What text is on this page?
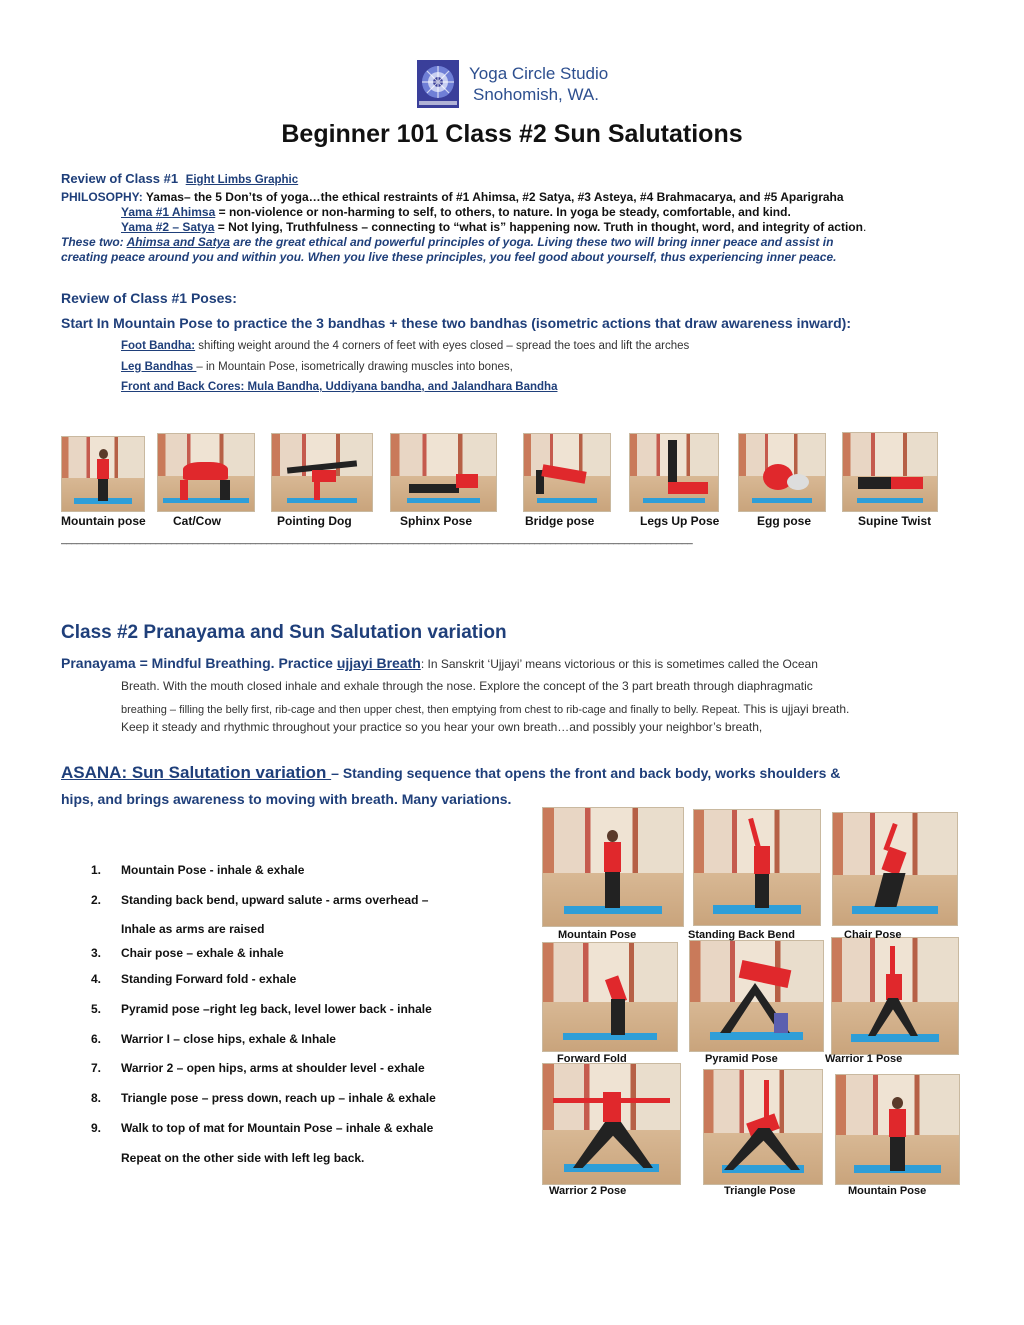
Yoga Circle Studio
Snohomish, WA.
Beginner 101 Class #2 Sun Salutations
Review of Class #1 Eight Limbs Graphic
PHILOSOPHY: Yamas– the 5 Don’ts of yoga…the ethical restraints of #1 Ahimsa, #2 Satya, #3 Asteya, #4 Brahmacarya, and #5 Aparigraha
Yama #1 Ahimsa = non-violence or non-harming to self, to others, to nature. In yoga be steady, comfortable, and kind.
Yama #2 – Satya = Not lying, Truthfulness – connecting to “what is” happening now. Truth in thought, word, and integrity of action.
These two: Ahimsa and Satya are the great ethical and powerful principles of yoga. Living these two will bring inner peace and assist in
creating peace around you and within you. When you live these principles, you feel good about yourself, thus experiencing inner peace.
Review of Class #1 Poses:
Start In Mountain Pose to practice the 3 bandhas + these two bandhas (isometric actions that draw awareness inward):
Foot Bandha: shifting weight around the 4 corners of feet with eyes closed – spread the toes and lift the arches
Leg Bandhas – in Mountain Pose, isometrically drawing muscles into bones,
Front and Back Cores: Mula Bandha, Uddiyana bandha, and Jalandhara Bandha
Mountain pose Cat/Cow	Pointing Dog	Sphinx Pose	Bridge pose	Legs Up Pose	Egg pose	Supine Twist
________________________________________________________________________________________________________________________
Class #2 Pranayama and Sun Salutation variation
Pranayama = Mindful Breathing. Practice ujjayi Breath: In Sanskrit ‘Ujjayi’ means victorious or this is sometimes called the Ocean
Breath. With the mouth closed inhale and exhale through the nose. Explore the concept of the 3 part breath through diaphragmatic
breathing – filling the belly first, rib-cage and then upper chest, then emptying from chest to rib-cage and finally to belly. Repeat. This is ujjayi breath.
Keep it steady and rhythmic throughout your practice so you hear your own breath…and possibly your neighbor’s breath,
ASANA: Sun Salutation variation – Standing sequence that opens the front and back body, works shoulders &
hips, and brings awareness to moving with breath. Many variations.
1. Mountain Pose - inhale & exhale
2. Standing back bend, upward salute - arms overhead –
Inhale as arms are raised
3. Chair pose – exhale & inhale
4. Standing Forward fold - exhale
5. Pyramid pose –right leg back, level lower back - inhale
6. Warrior I – close hips, exhale & Inhale
7. Warrior 2 – open hips, arms at shoulder level - exhale
8. Triangle pose – press down, reach up – inhale & exhale
9. Walk to top of mat for Mountain Pose – inhale & exhale
Repeat on the other side with left leg back.
Mountain Pose	Standing Back Bend	Chair Pose
Forward Fold	Pyramid Pose	Warrior 1 Pose
Warrior 2 Pose	Triangle Pose	Mountain Pose
